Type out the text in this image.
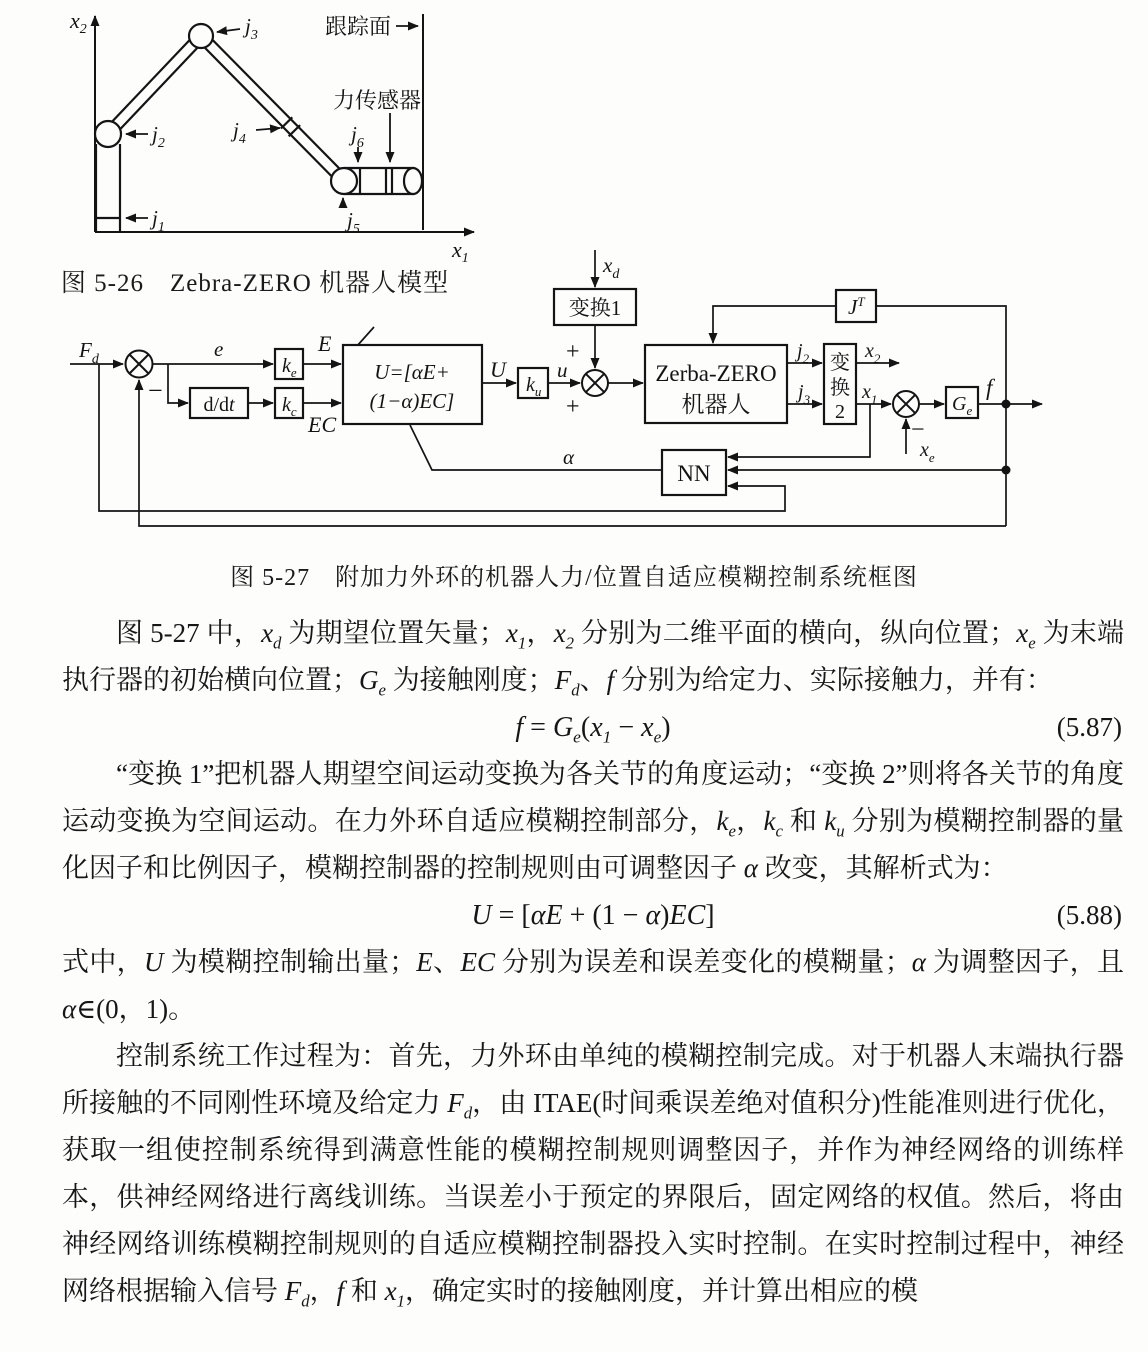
$x_2$
$x_1$
$j_1$
$j_2$
$j_3$
$j_4$
$j_5$
$j_6$
跟踪面
力传感器
图 5-26　Zebra-ZERO 机器人模型
变换1
U=[αE+
(1−α)EC]
$k_e$
$k_c$
d/dt
$k_u$
Zerba-ZERO
机器人
变
换
2
$J^T$
$G_e$
NN
$F_d$	e	E
EC
U u
$x_d$
+
+
−
α
$j_2$
$j_3$
$x_2$
$x_1$
−
$x_e$
f
图 5-27　附加力外环的机器人力/位置自适应模糊控制系统框图

图 5-27 中，$x_d$ 为期望位置矢量；$x_1$，$x_2$ 分别为二维平面的横向，纵向位置；$x_e$ 为末端执行器的初始横向位置；$G_e$ 为接触刚度；$F_d$、f 分别为给定力、实际接触力，并有：

$f = G_e(x_1 - x_e)$	(5.87)

“变换 1”把机器人期望空间运动变换为各关节的角度运动；“变换 2”则将各关节的角度运动变换为空间运动。在力外环自适应模糊控制部分，$k_e$，$k_c$ 和 $k_u$ 分别为模糊控制器的量化因子和比例因子，模糊控制器的控制规则由可调整因子 α 改变，其解析式为：

U = [αE + (1 − α)EC]	(5.88)

式中，U 为模糊控制输出量；E、EC 分别为误差和误差变化的模糊量；α 为调整因子，且 α∈(0，1)。

控制系统工作过程为：首先，力外环由单纯的模糊控制完成。对于机器人末端执行器所接触的不同刚性环境及给定力 $F_d$，由 ITAE(时间乘误差绝对值积分)性能准则进行优化，获取一组使控制系统得到满意性能的模糊控制规则调整因子，并作为神经网络的训练样本，供神经网络进行离线训练。当误差小于预定的界限后，固定网络的权值。然后，将由神经网络训练模糊控制规则的自适应模糊控制器投入实时控制。在实时控制过程中，神经网络根据输入信号 $F_d$，f 和 $x_1$，确定实时的接触刚度，并计算出相应的模
